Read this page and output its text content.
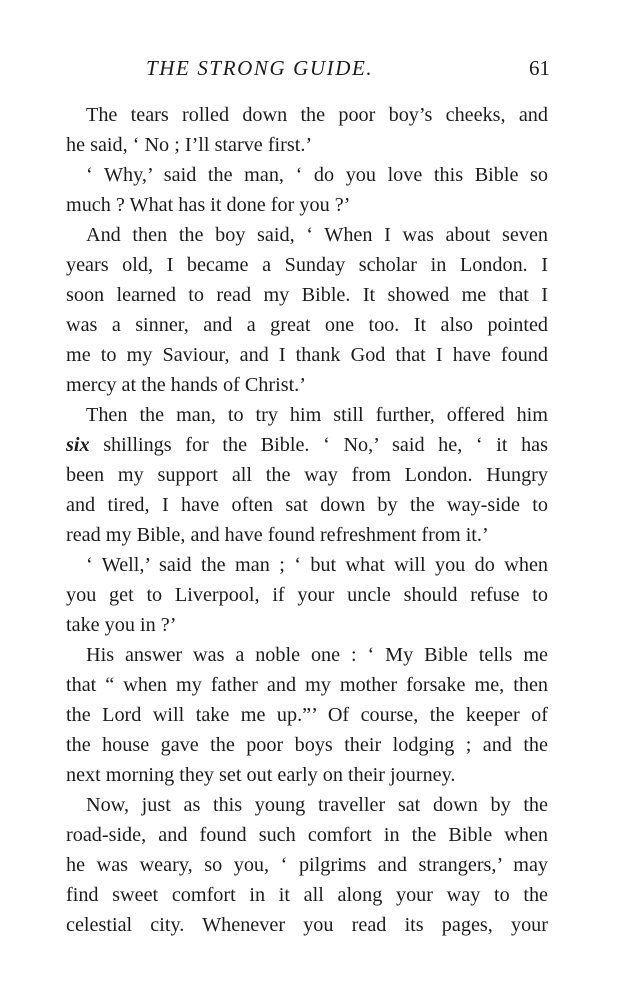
THE STRONG GUIDE.	61
The tears rolled down the poor boy’s cheeks, and
he said, ‘ No ; I’ll starve first.’
‘ Why,’ said the man, ‘ do you love this Bible so
much ? What has it done for you ?’
And then the boy said, ‘ When I was about seven
years old, I became a Sunday scholar in London. I
soon learned to read my Bible. It showed me that I
was a sinner, and a great one too. It also pointed
me to my Saviour, and I thank God that I have found
mercy at the hands of Christ.’
Then the man, to try him still further, offered him
six shillings for the Bible. ‘ No,’ said he, ‘ it has
been my support all the way from London. Hungry
and tired, I have often sat down by the way-side to
read my Bible, and have found refreshment from it.’
‘ Well,’ said the man ; ‘ but what will you do when
you get to Liverpool, if your uncle should refuse to
take you in ?’
His answer was a noble one : ‘ My Bible tells me
that “ when my father and my mother forsake me, then
the Lord will take me up.”’ Of course, the keeper of
the house gave the poor boys their lodging ; and the
next morning they set out early on their journey.
Now, just as this young traveller sat down by the
road-side, and found such comfort in the Bible when
he was weary, so you, ‘ pilgrims and strangers,’ may
find sweet comfort in it all along your way to the
celestial city. Whenever you read its pages, your
